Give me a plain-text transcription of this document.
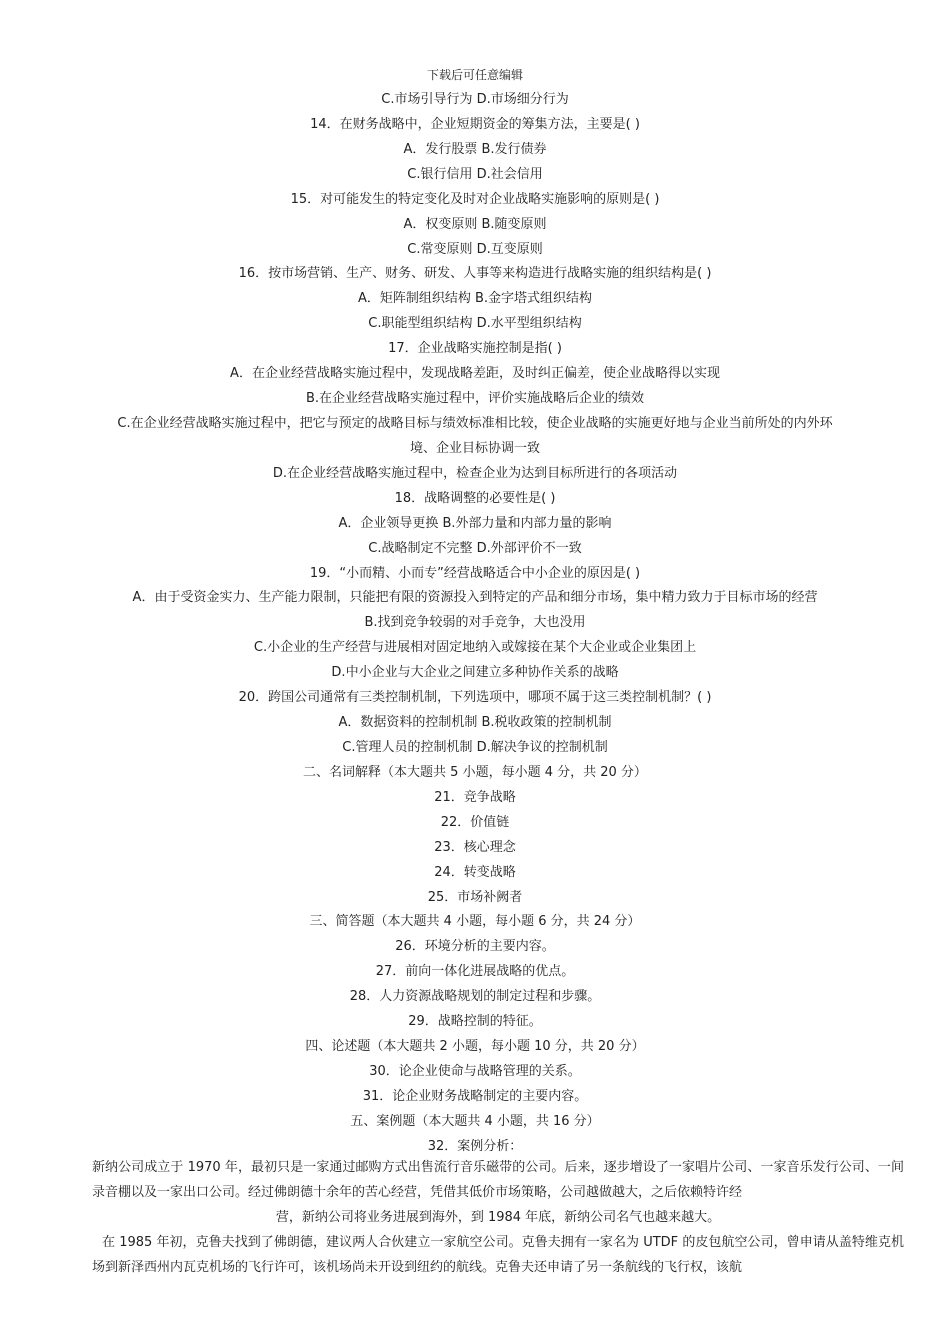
下载后可任意编辑
C.市场引导行为 D.市场细分行为
14．在财务战略中，企业短期资金的筹集方法，主要是( )
A．发行股票 B.发行债券
C.银行信用 D.社会信用
15．对可能发生的特定变化及时对企业战略实施影响的原则是( )
A．权变原则 B.随变原则
C.常变原则 D.互变原则
16．按市场营销、生产、财务、研发、人事等来构造进行战略实施的组织结构是( )
A．矩阵制组织结构 B.金字塔式组织结构
C.职能型组织结构 D.水平型组织结构
17．企业战略实施控制是指( )
A．在企业经营战略实施过程中，发现战略差距，及时纠正偏差，使企业战略得以实现
B.在企业经营战略实施过程中，评价实施战略后企业的绩效
C.在企业经营战略实施过程中，把它与预定的战略目标与绩效标准相比较，使企业战略的实施更好地与企业当前所处的内外环
境、企业目标协调一致
D.在企业经营战略实施过程中，检查企业为达到目标所进行的各项活动
18．战略调整的必要性是( )
A．企业领导更换 B.外部力量和内部力量的影响
C.战略制定不完整 D.外部评价不一致
19．“小而精、小而专”经营战略适合中小企业的原因是( )
A．由于受资金实力、生产能力限制，只能把有限的资源投入到特定的产品和细分市场，集中精力致力于目标市场的经营
B.找到竞争较弱的对手竞争，大也没用
C.小企业的生产经营与进展相对固定地纳入或嫁接在某个大企业或企业集团上
D.中小企业与大企业之间建立多种协作关系的战略
20．跨国公司通常有三类控制机制，下列选项中，哪项不属于这三类控制机制？( )
A．数据资料的控制机制 B.税收政策的控制机制
C.管理人员的控制机制 D.解决争议的控制机制
二、名词解释（本大题共 5 小题，每小题 4 分，共 20 分）
21．竞争战略
22．价值链
23．核心理念
24．转变战略
25．市场补阙者
三、简答题（本大题共 4 小题，每小题 6 分，共 24 分）
26．环境分析的主要内容。
27．前向一体化进展战略的优点。
28．人力资源战略规划的制定过程和步骤。
29．战略控制的特征。
四、论述题（本大题共 2 小题，每小题 10 分，共 20 分）
30．论企业使命与战略管理的关系。
31．论企业财务战略制定的主要内容。
五、案例题（本大题共 4 小题，共 16 分）
32．案例分析：
新纳公司成立于 1970 年，最初只是一家通过邮购方式出售流行音乐磁带的公司。后来，逐步增设了一家唱片公司、一家音乐发行公司、一间录音棚以及一家出口公司。经过佛朗德十余年的苦心经营，凭借其低价市场策略，公司越做越大，之后依赖特许经
营，新纳公司将业务进展到海外，到 1984 年底，新纳公司名气也越来越大。
在 1985 年初，克鲁夫找到了佛朗德，建议两人合伙建立一家航空公司。克鲁夫拥有一家名为 UTDF 的皮包航空公司，曾申请从盖特维克机场到新泽西州内瓦克机场的飞行许可，该机场尚未开设到纽约的航线。克鲁夫还申请了另一条航线的飞行权，该航
